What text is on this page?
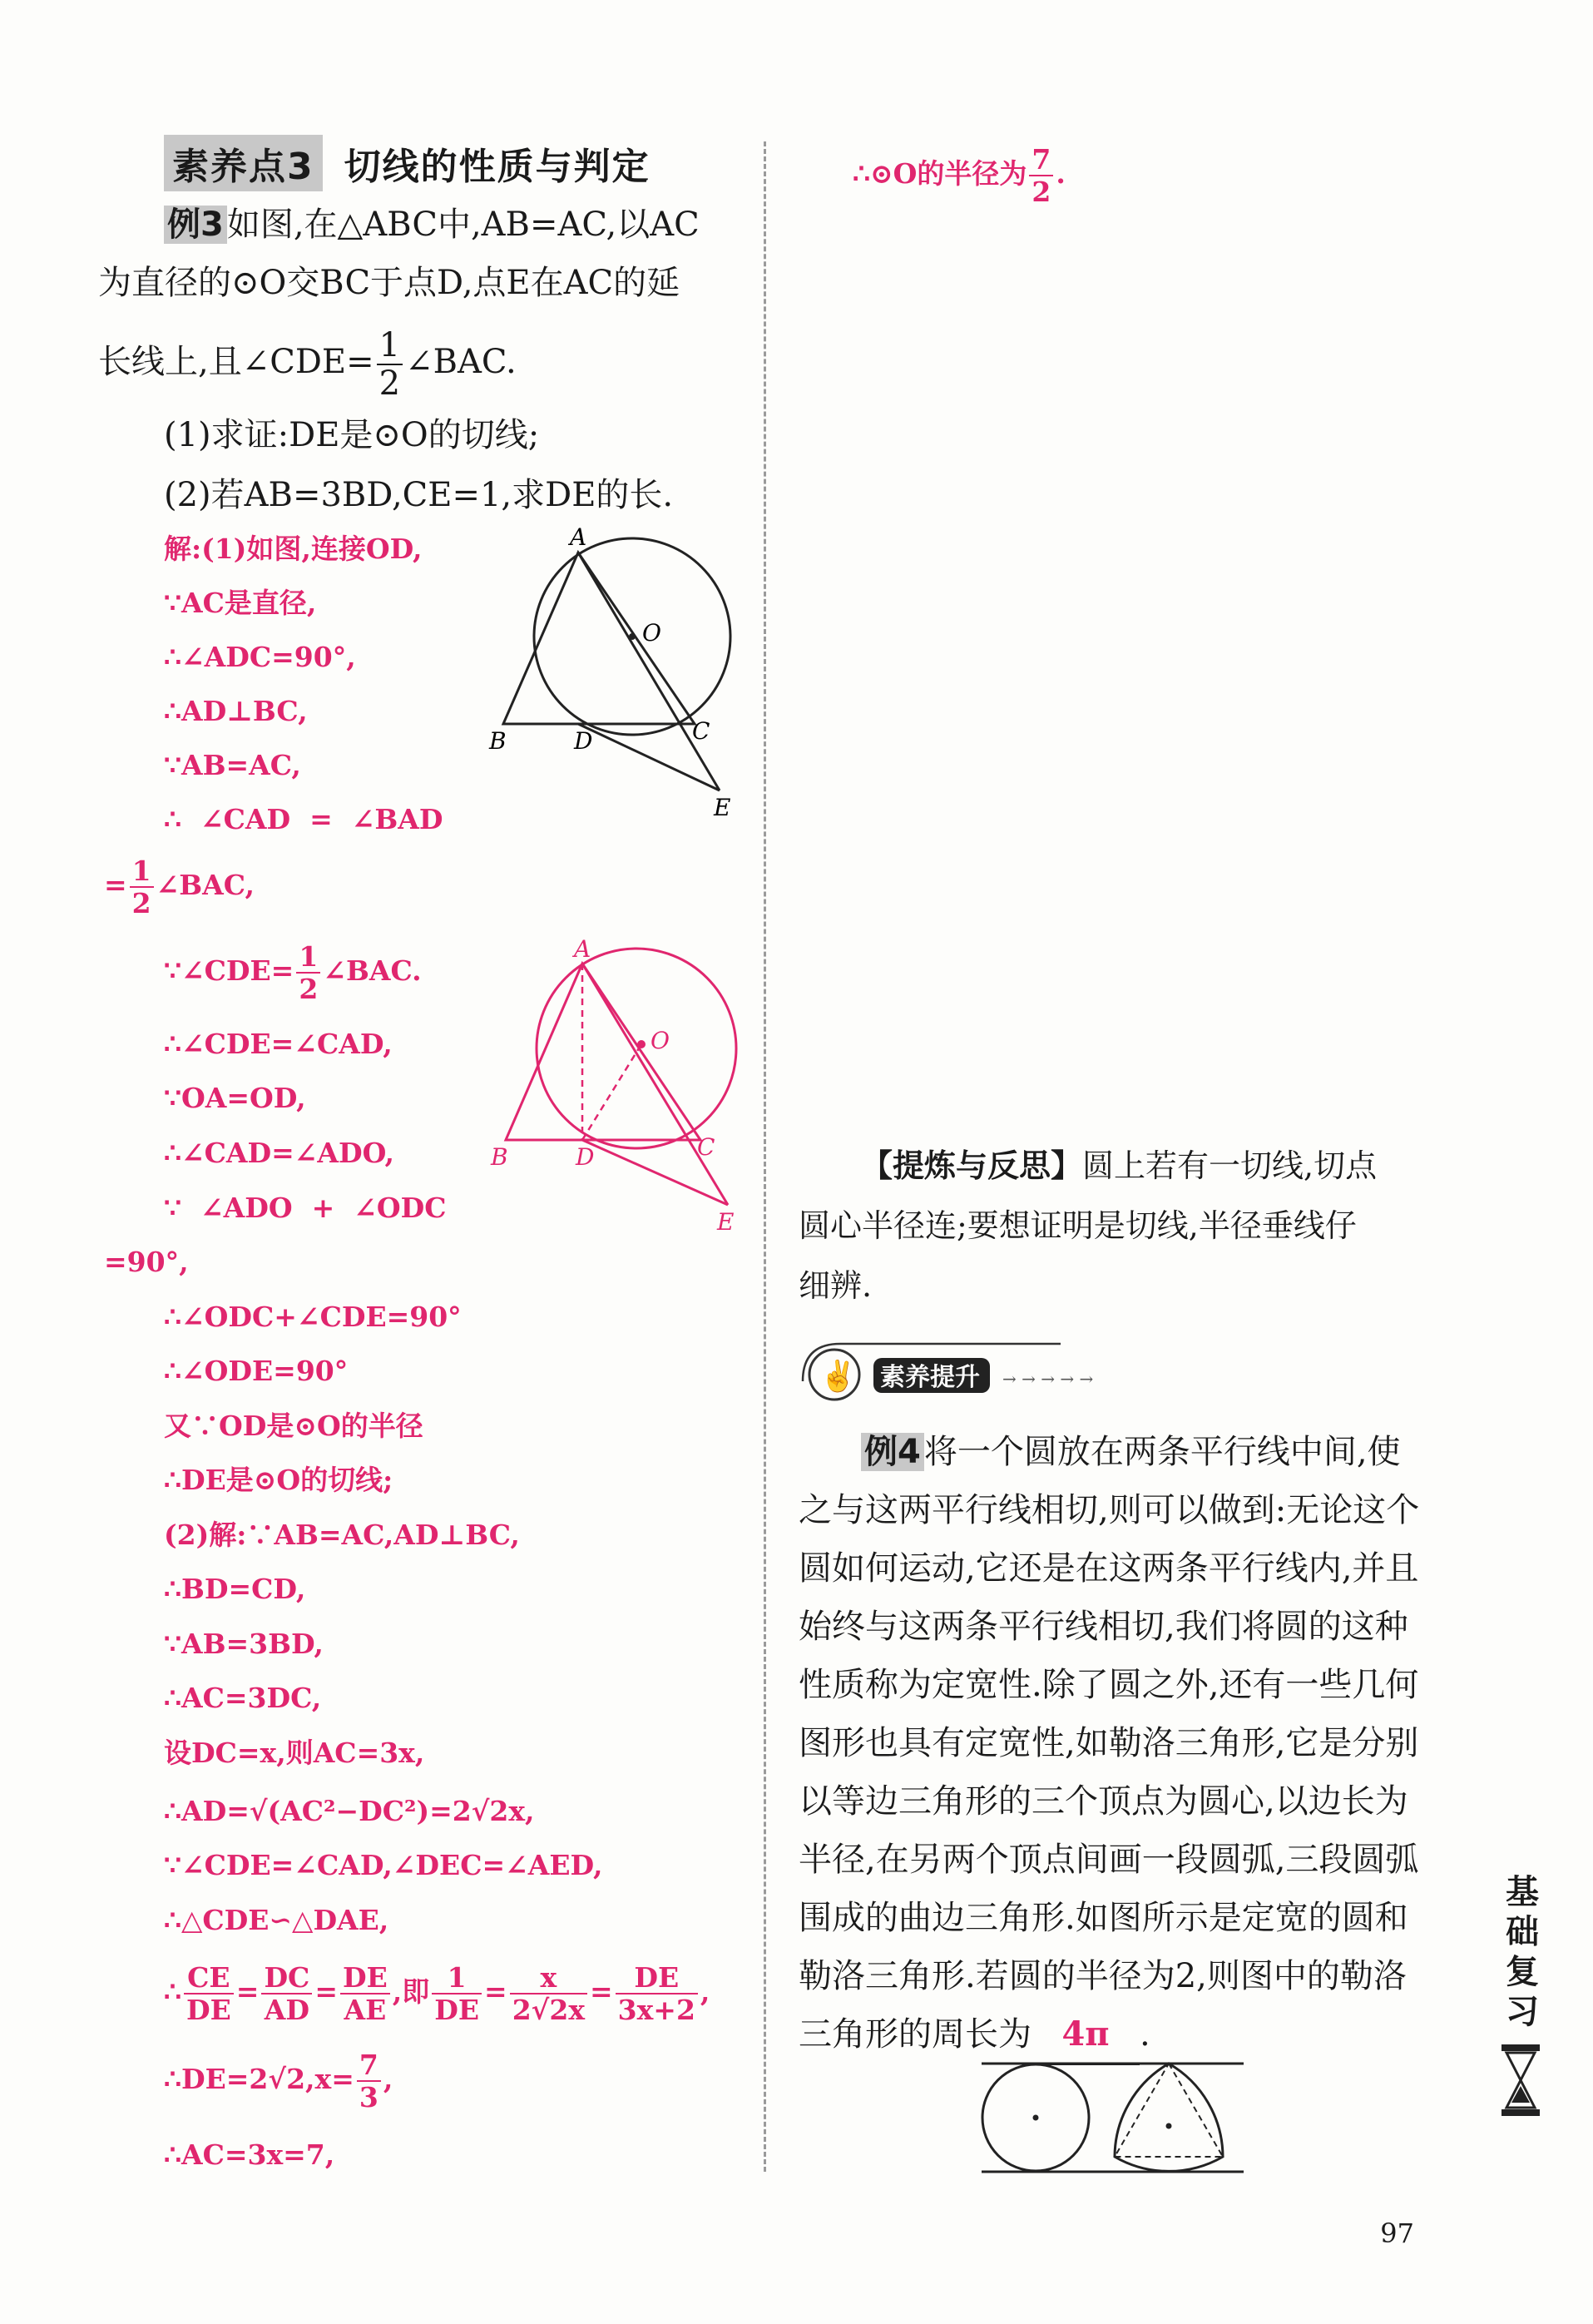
素养点3 切线的性质与判定
例3 如图,在△ABC中,AB=AC,以AC
为直径的⊙O交BC于点D,点E在AC的延
长线上,且∠CDE= $\frac{1}{2}$ ∠BAC.
(1)求证:DE是⊙O的切线;
(2)若AB=3BD,CE=1,求DE的长.
解:(1)如图,连接OD,
∵AC是直径,
∴∠ADC=90°,
∴AD⊥BC,
∵AB=AC,
∴  ∠CAD  =  ∠BAD
= $\frac{1}{2}$ ∠BAC,
∵∠CDE= $\frac{1}{2}$ ∠BAC.
∴∠CDE=∠CAD,
∵OA=OD,
∴∠CAD=∠ADO,
∵  ∠ADO  +  ∠ODC
=90°,
∴∠ODC+∠CDE=90°
∴∠ODE=90°
又∵OD是⊙O的半径
∴DE是⊙O的切线;
(2)解:∵AB=AC,AD⊥BC,
∴BD=CD,
∵AB=3BD,
∴AC=3DC,
设DC=x,则AC=3x,
∴AD=√(AC²−DC²)=2√2x,
∵∠CDE=∠CAD,∠DEC=∠AED,
∴△CDE∽△DAE,
∴ $\frac{CE}{DE} = \frac{DC}{AD} = \frac{DE}{AE}$ ,即 $\frac{1}{DE} = \frac{x}{2√2x} = \frac{DE}{3x+2}$ ,
∴DE=2√2,x= $\frac{7}{3}$ ,
∴AC=3x=7,
∴⊙O的半径为 $\frac{7}{2}$ .
A
O
B	D	C
E
A
O
B	D	C
E
【提炼与反思】圆上若有一切线,切点
圆心半径连;要想证明是切线,半径垂线仔
细辨.
✌ 素养提升 → → → → →
例4 将一个圆放在两条平行线中间,使
之与这两平行线相切,则可以做到:无论这个
圆如何运动,它还是在这两条平行线内,并且
始终与这两条平行线相切,我们将圆的这种
性质称为定宽性.除了圆之外,还有一些几何
图形也具有定宽性,如勒洛三角形,它是分别
以等边三角形的三个顶点为圆心,以边长为
半径,在另两个顶点间画一段圆弧,三段圆弧
围成的曲边三角形.如图所示是定宽的圆和
勒洛三角形.若圆的半径为2,则图中的勒洛
三角形的周长为 4π .
基础复习
97
